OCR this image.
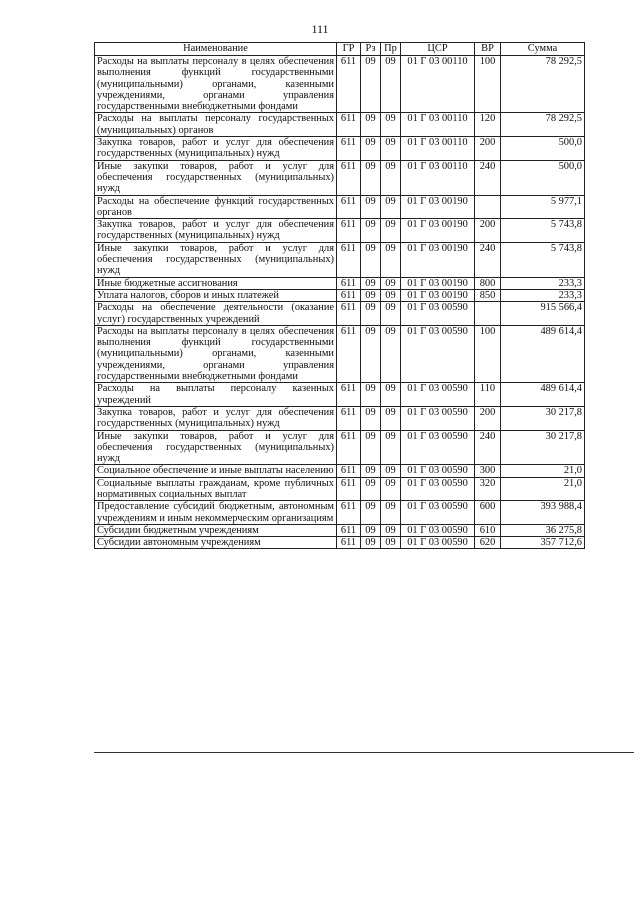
111
Наименование	ГР	Рз	Пр	ЦСР	ВР	Сумма
Расходы на выплаты персоналу в целях обеспечения выполнения функций государственными (муниципальными) органами, казенными учреждениями, органами управления государственными внебюджетными фондами	611	09	09	01 Г 03 00110	100	78 292,5
Расходы на выплаты персоналу государственных (муниципальных) органов	611	09	09	01 Г 03 00110	120	78 292,5
Закупка товаров, работ и услуг для обеспечения государственных (муниципальных) нужд	611	09	09	01 Г 03 00110	200	500,0
Иные закупки товаров, работ и услуг для обеспечения государственных (муниципальных) нужд	611	09	09	01 Г 03 00110	240	500,0
Расходы на обеспечение функций государственных органов	611	09	09	01 Г 03 00190		5 977,1
Закупка товаров, работ и услуг для обеспечения государственных (муниципальных) нужд	611	09	09	01 Г 03 00190	200	5 743,8
Иные закупки товаров, работ и услуг для обеспечения государственных (муниципальных) нужд	611	09	09	01 Г 03 00190	240	5 743,8
Иные бюджетные ассигнования	611	09	09	01 Г 03 00190	800	233,3
Уплата налогов, сборов и иных платежей	611	09	09	01 Г 03 00190	850	233,3
Расходы на обеспечение деятельности (оказание услуг) государственных учреждений	611	09	09	01 Г 03 00590		915 566,4
Расходы на выплаты персоналу в целях обеспечения выполнения функций государственными (муниципальными) органами, казенными учреждениями, органами управления государственными внебюджетными фондами	611	09	09	01 Г 03 00590	100	489 614,4
Расходы на выплаты персоналу казенных учреждений	611	09	09	01 Г 03 00590	110	489 614,4
Закупка товаров, работ и услуг для обеспечения государственных (муниципальных) нужд	611	09	09	01 Г 03 00590	200	30 217,8
Иные закупки товаров, работ и услуг для обеспечения государственных (муниципальных) нужд	611	09	09	01 Г 03 00590	240	30 217,8
Социальное обеспечение и иные выплаты населению	611	09	09	01 Г 03 00590	300	21,0
Социальные выплаты гражданам, кроме публичных нормативных социальных выплат	611	09	09	01 Г 03 00590	320	21,0
Предоставление субсидий бюджетным, автономным учреждениям и иным некоммерческим организациям	611	09	09	01 Г 03 00590	600	393 988,4
Субсидии бюджетным учреждениям	611	09	09	01 Г 03 00590	610	36 275,8
Субсидии автономным учреждениям	611	09	09	01 Г 03 00590	620	357 712,6
